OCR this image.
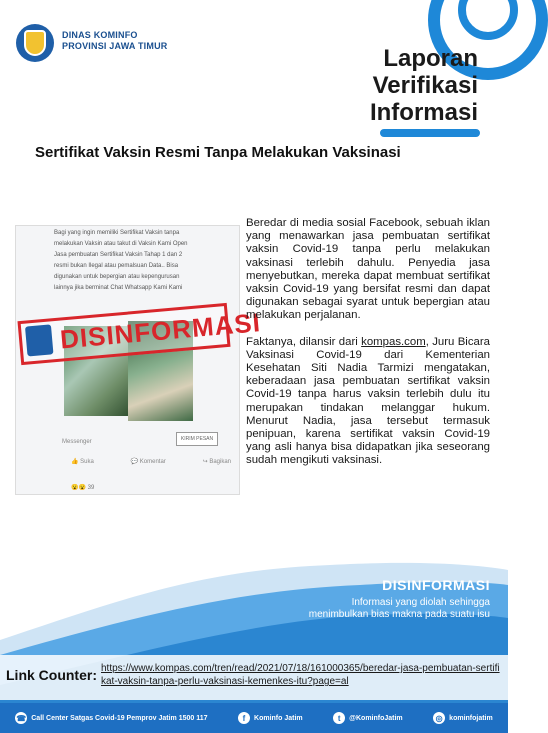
DINAS KOMINFO
PROVINSI JAWA TIMUR	Laporan
Verifikasi
Informasi
Sertifikat Vaksin Resmi Tanpa Melakukan Vaksinasi
Bagi yang ingin memiliki Sertifikat Vaksin tanpa
melakukan Vaksin atau takut di Vaksin Kami Open
Jasa pembuatan Sertifikat Vaksin Tahap 1 dan 2
resmi bukan Ilegal atau pemalsuan Data.. Bisa
digunakan untuk bepergian atau kepengurusan
lainnya jika berminat Chat Whatsapp Kami Kami
DISINFORMASI
Messenger	KIRIM PESAN
👍 Suka	💬 Komentar	↪ Bagikan
😮😮 39

Beredar di media sosial Facebook, sebuah iklan yang menawarkan jasa pembuatan sertifikat vaksin Covid-19 tanpa perlu melakukan vaksinasi terlebih dahulu. Penyedia jasa menyebutkan, mereka dapat membuat sertifikat vaksin Covid-19 yang bersifat resmi dan dapat digunakan sebagai syarat untuk bepergian atau melakukan perjalanan.

Faktanya, dilansir dari kompas.com, Juru Bicara Vaksinasi Covid-19 dari Kementerian Kesehatan Siti Nadia Tarmizi mengatakan, keberadaan jasa pembuatan sertifikat vaksin Covid-19 tanpa harus vaksin terlebih dulu itu merupakan tindakan melanggar hukum. Menurut Nadia, jasa tersebut termasuk penipuan, karena sertifikat vaksin Covid-19 yang asli hanya bisa didapatkan jika seseorang sudah mengikuti vaksinasi.

DISINFORMASI
Informasi yang diolah sehingga
menimbulkan bias makna pada suatu isu
Link Counter: https://www.kompas.com/tren/read/2021/07/18/161000365/beredar-jasa-pembuatan-sertifikat-vaksin-tanpa-perlu-vaksinasi-kemenkes-itu?page=al
☎ Call Center Satgas Covid-19 Pemprov Jatim 1500 117	f	Kominfo Jatim	t	@KominfoJatim	◎ kominfojatim
